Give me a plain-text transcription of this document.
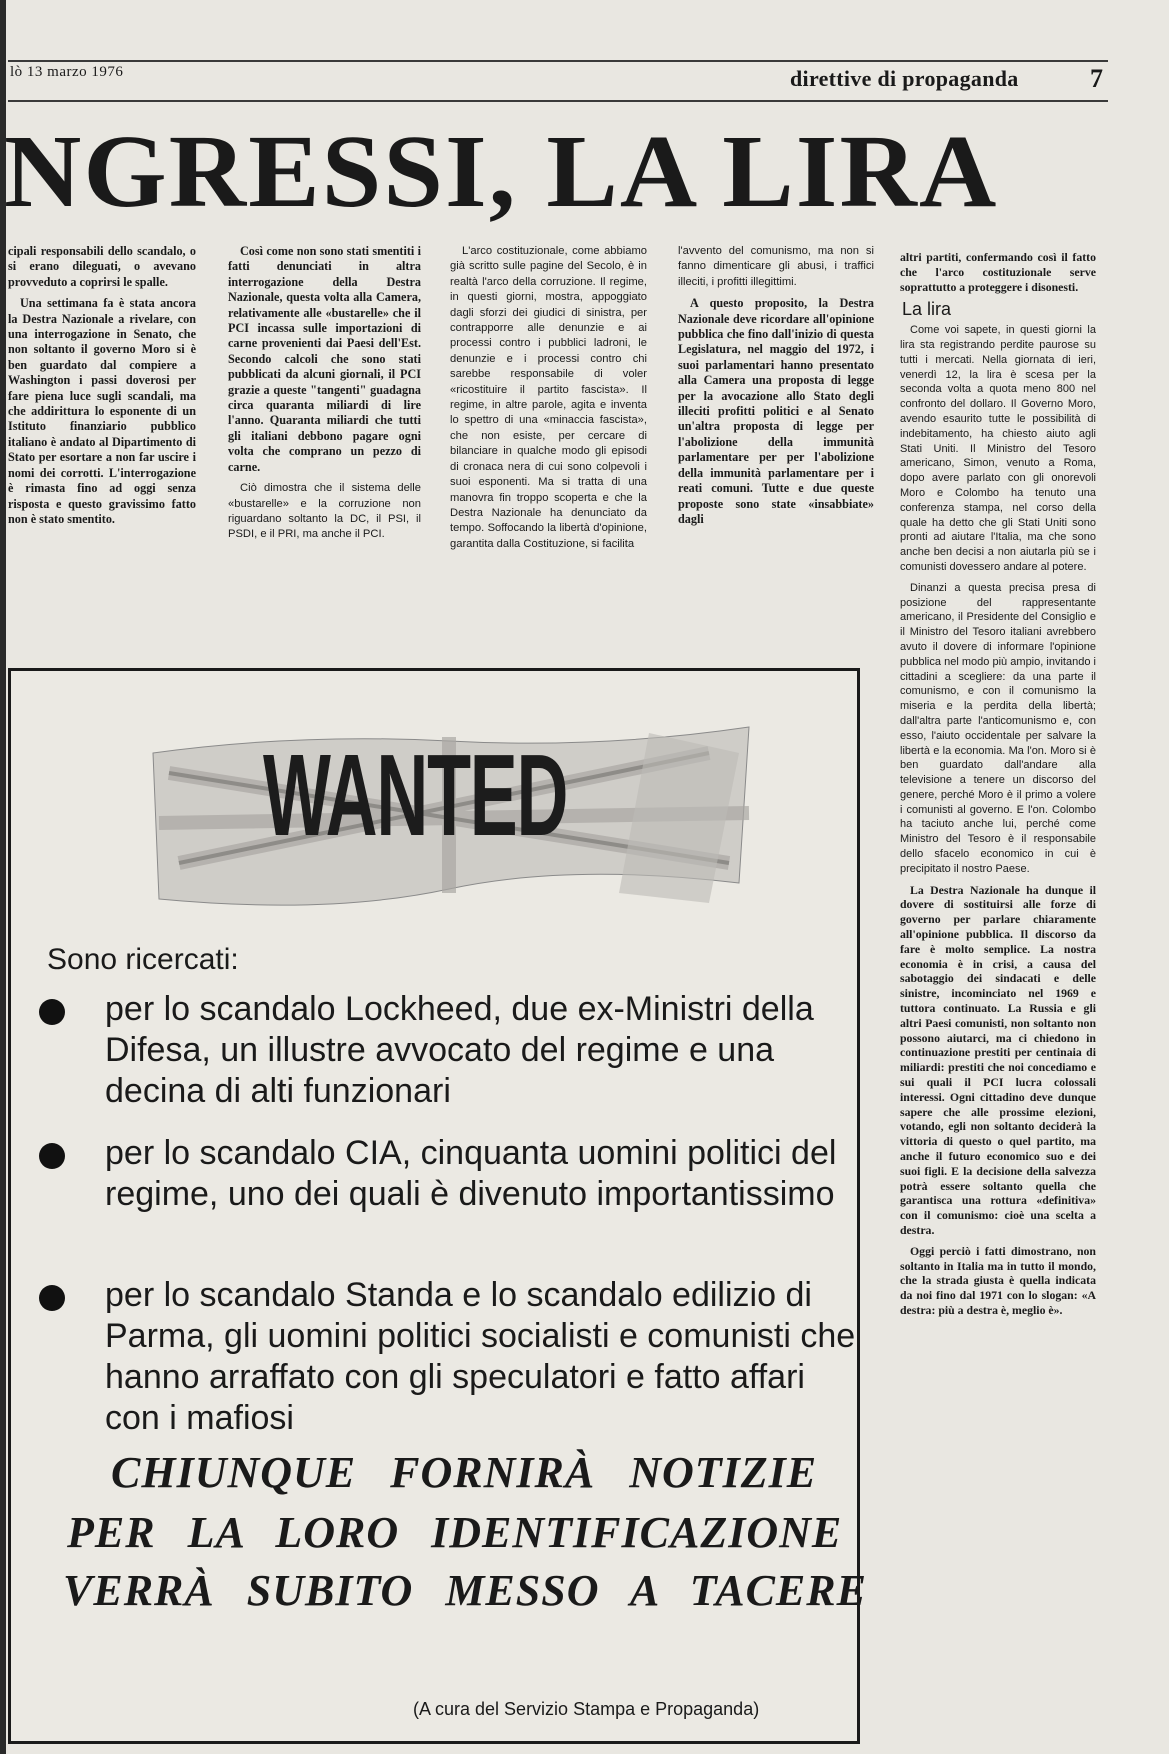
lò 13 marzo 1976	direttive di propaganda	7
NGRESSI, LA LIRA

cipali responsabili dello scandalo, o si erano dileguati, o avevano provveduto a coprirsi le spalle.

Una settimana fa è stata ancora la Destra Nazionale a rivelare, con una interrogazione in Senato, che non soltanto il governo Moro si è ben guardato dal compiere a Washington i passi doverosi per fare piena luce sugli scandali, ma che addirittura lo esponente di un Istituto finanziario pubblico italiano è andato al Dipartimento di Stato per esortare a non far uscire i nomi dei corrotti. L'interrogazione è rimasta fino ad oggi senza risposta e questo gravissimo fatto non è stato smentito.

Così come non sono stati smentiti i fatti denunciati in altra interrogazione della Destra Nazionale, questa volta alla Camera, relativamente alle «bustarelle» che il PCI incassa sulle importazioni di carne provenienti dai Paesi dell'Est. Secondo calcoli che sono stati pubblicati da alcuni giornali, il PCI grazie a queste "tangenti" guadagna circa quaranta miliardi di lire l'anno. Quaranta miliardi che tutti gli italiani debbono pagare ogni volta che comprano un pezzo di carne.

Ciò dimostra che il sistema delle «bustarelle» e la corruzione non riguardano soltanto la DC, il PSI, il PSDI, e il PRI, ma anche il PCI.

L'arco costituzionale, come abbiamo già scritto sulle pagine del Secolo, è in realtà l'arco della corruzione. Il regime, in questi giorni, mostra, appoggiato dagli sforzi dei giudici di sinistra, per contrapporre alle denunzie e ai processi contro i pubblici ladroni, le denunzie e i processi contro chi sarebbe responsabile di voler «ricostituire il partito fascista». Il regime, in altre parole, agita e inventa lo spettro di una «minaccia fascista», che non esiste, per cercare di bilanciare in qualche modo gli episodi di cronaca nera di cui sono colpevoli i suoi esponenti. Ma si tratta di una manovra fin troppo scoperta e che la Destra Nazionale ha denunciato da tempo. Soffocando la libertà d'opinione, garantita dalla Costituzione, si facilita

l'avvento del comunismo, ma non si fanno dimenticare gli abusi, i traffici illeciti, i profitti illegittimi.

A questo proposito, la Destra Nazionale deve ricordare all'opinione pubblica che fino dall'inizio di questa Legislatura, nel maggio del 1972, i suoi parlamentari hanno presentato alla Camera una proposta di legge per la avocazione allo Stato degli illeciti profitti politici e al Senato un'altra proposta di legge per l'abolizione della immunità parlamentare per per l'abolizione della immunità parlamentare per i reati comuni. Tutte e due queste proposte sono state «insabbiate» dagli

altri partiti, confermando così il fatto che l'arco costituzionale serve soprattutto a proteggere i disonesti.

La lira

Come voi sapete, in questi giorni la lira sta registrando perdite paurose su tutti i mercati. Nella giornata di ieri, venerdì 12, la lira è scesa per la seconda volta a quota meno 800 nel confronto del dollaro. Il Governo Moro, avendo esaurito tutte le possibilità di indebitamento, ha chiesto aiuto agli Stati Uniti. Il Ministro del Tesoro americano, Simon, venuto a Roma, dopo avere parlato con gli onorevoli Moro e Colombo ha tenuto una conferenza stampa, nel corso della quale ha detto che gli Stati Uniti sono pronti ad aiutare l'Italia, ma che sono anche ben decisi a non aiutarla più se i comunisti dovessero andare al potere.

Dinanzi a questa precisa presa di posizione del rappresentante americano, il Presidente del Consiglio e il Ministro del Tesoro italiani avrebbero avuto il dovere di informare l'opinione pubblica nel modo più ampio, invitando i cittadini a scegliere: da una parte il comunismo, e con il comunismo la miseria e la perdita della libertà; dall'altra parte l'anticomunismo e, con esso, l'aiuto occidentale per salvare la libertà e la economia. Ma l'on. Moro si è ben guardato dall'andare alla televisione a tenere un discorso del genere, perché Moro è il primo a volere i comunisti al governo. E l'on. Colombo ha taciuto anche lui, perché come Ministro del Tesoro è il responsabile dello sfacelo economico in cui è precipitato il nostro Paese.

La Destra Nazionale ha dunque il dovere di sostituirsi alle forze di governo per parlare chiaramente all'opinione pubblica. Il discorso da fare è molto semplice. La nostra economia è in crisi, a causa del sabotaggio dei sindacati e delle sinistre, incominciato nel 1969 e tuttora continuato. La Russia e gli altri Paesi comunisti, non soltanto non possono aiutarci, ma ci chiedono in continuazione prestiti per centinaia di miliardi: prestiti che noi concediamo e sui quali il PCI lucra colossali interessi. Ogni cittadino deve dunque sapere che alle prossime elezioni, votando, egli non soltanto deciderà la vittoria di questo o quel partito, ma anche il futuro economico suo e dei suoi figli. E la decisione della salvezza potrà essere soltanto quella che garantisca una rottura «definitiva» con il comunismo: cioè una scelta a destra.

Oggi perciò i fatti dimostrano, non soltanto in Italia ma in tutto il mondo, che la strada giusta è quella indicata da noi fino dal 1971 con lo slogan: «A destra: più a destra è, meglio è».

WANTED
Sono ricercati:
per lo scandalo Lockheed, due ex-Ministri della Difesa, un illustre avvocato del regime e una decina di alti funzionari
per lo scandalo CIA, cinquanta uomini politici del regime, uno dei quali è divenuto importantissimo
per lo scandalo Standa e lo scandalo edilizio di Parma, gli uomini politici socialisti e comunisti che hanno arraffato con gli speculatori e fatto affari con i mafiosi
CHIUNQUE FORNIRÀ NOTIZIE
PER LA LORO IDENTIFICAZIONE
VERRÀ SUBITO MESSO A TACERE
(A cura del Servizio Stampa e Propaganda)
